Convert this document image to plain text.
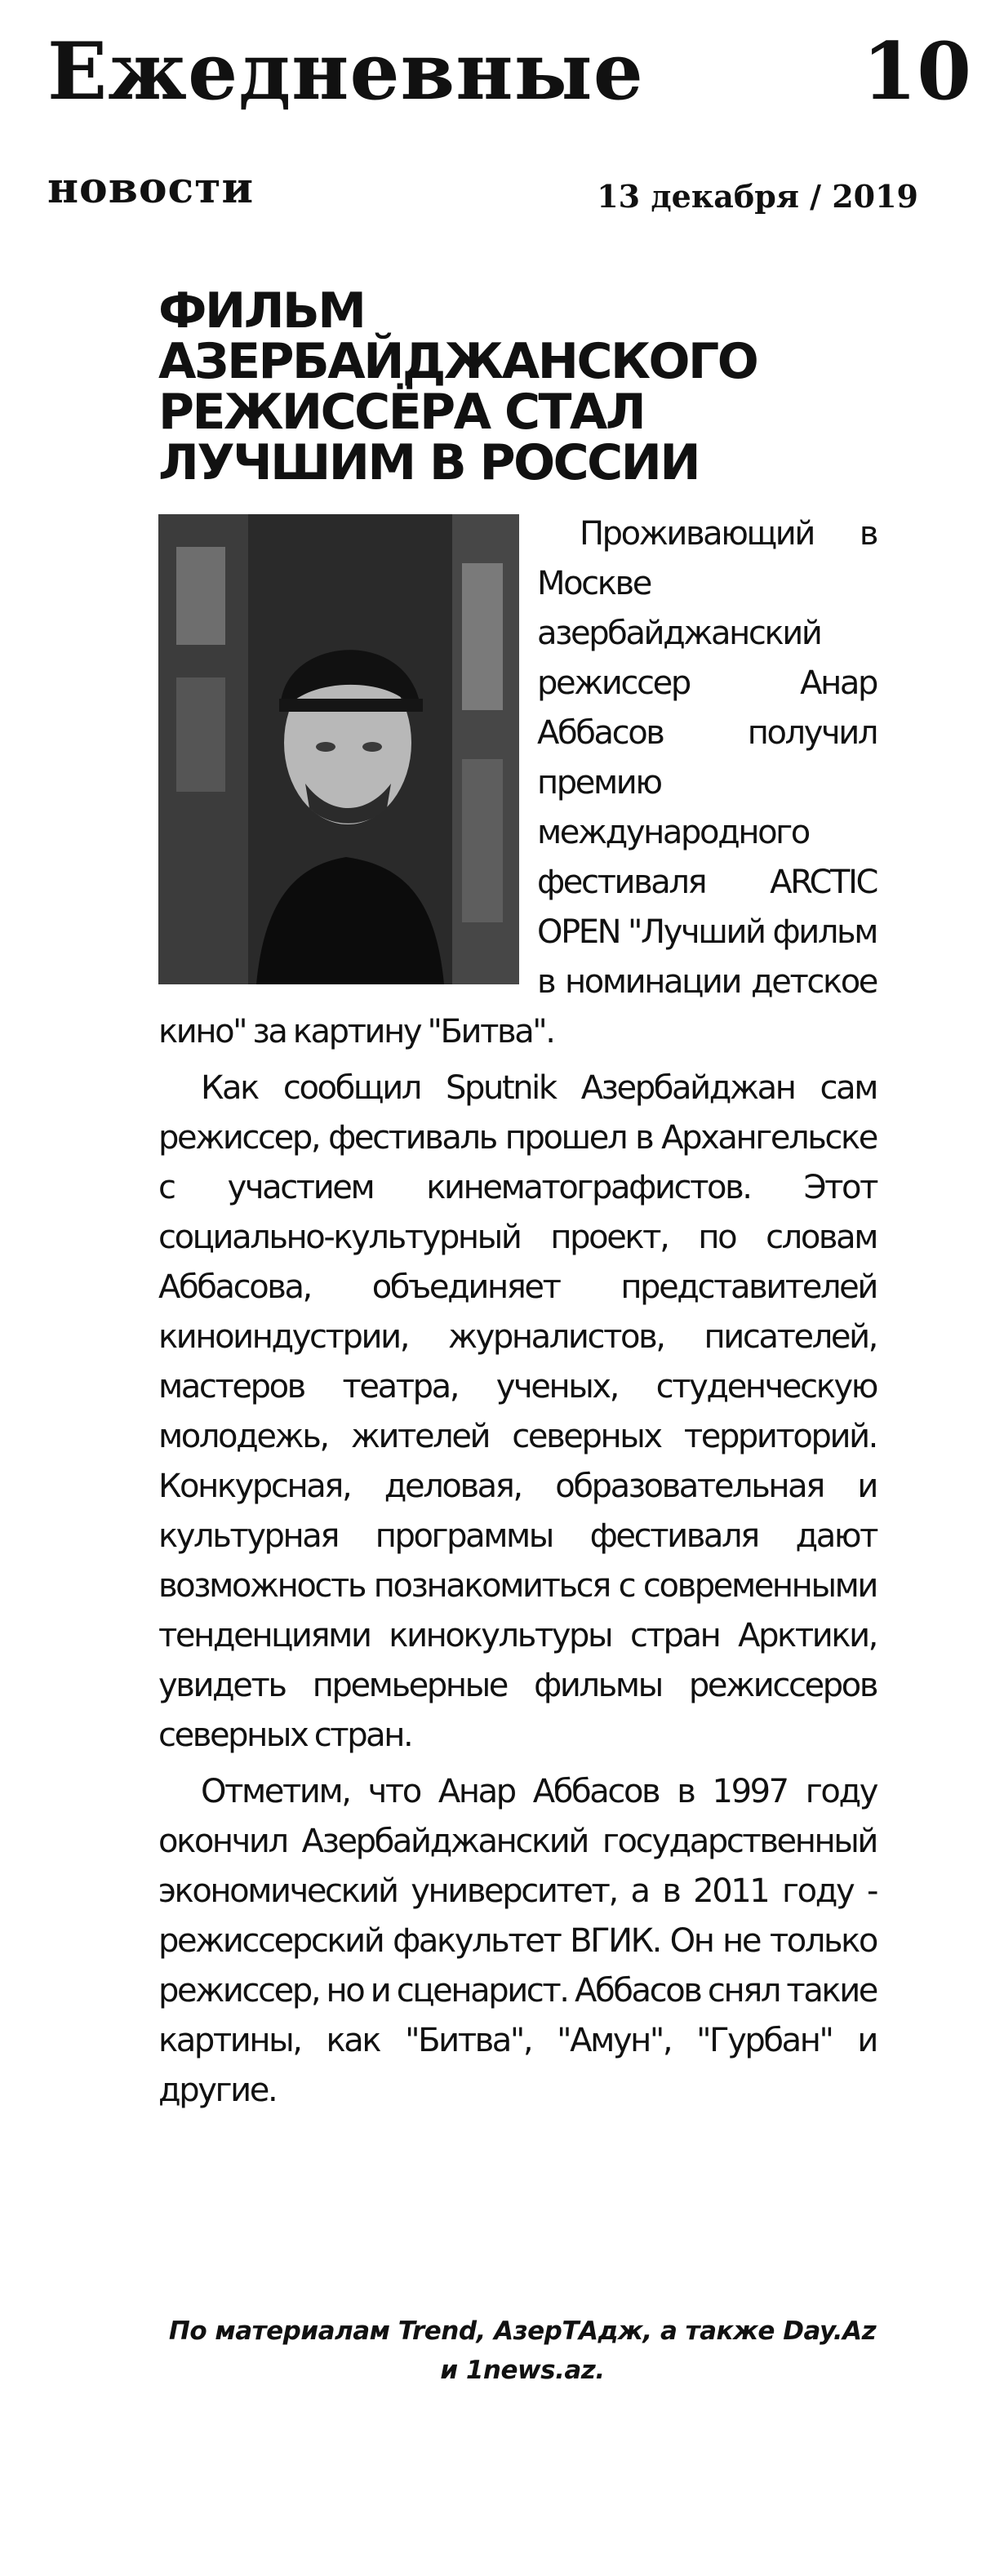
Ежедневные
новости
10
13 декабря / 2019
ФИЛЬМ АЗЕРБАЙДЖАНСКОГО
РЕЖИССЁРА СТАЛ
ЛУЧШИМ В РОССИИ

Проживающий в Москве азербайджанский режиссер Анар Аббасов получил премию международного фестиваля ARCTIC OPEN "Лучший фильм в номинации детское кино" за картину "Битва".

Как сообщил Sputnik Азербайджан сам режиссер, фестиваль прошел в Архангельске с участием кинематографистов. Этот социально-культурный проект, по словам Аббасова, объединяет представителей киноиндустрии, журналистов, писателей, мастеров театра, ученых, студенческую молодежь, жителей северных территорий. Конкурсная, деловая, образовательная и культурная программы фестиваля дают возможность познакомиться с современными тенденциями кинокультуры стран Арктики, увидеть премьерные фильмы режиссеров северных стран.

Отметим, что Анар Аббасов в 1997 году окончил Азербайджанский государственный экономический университет, а в 2011 году - режиссерский факультет ВГИК. Он не только режиссер, но и сценарист. Аббасов снял такие картины, как "Битва", "Амун", "Гурбан" и другие.

По материалам Trend, АзерТАдж, а также Day.Az и 1news.az.
